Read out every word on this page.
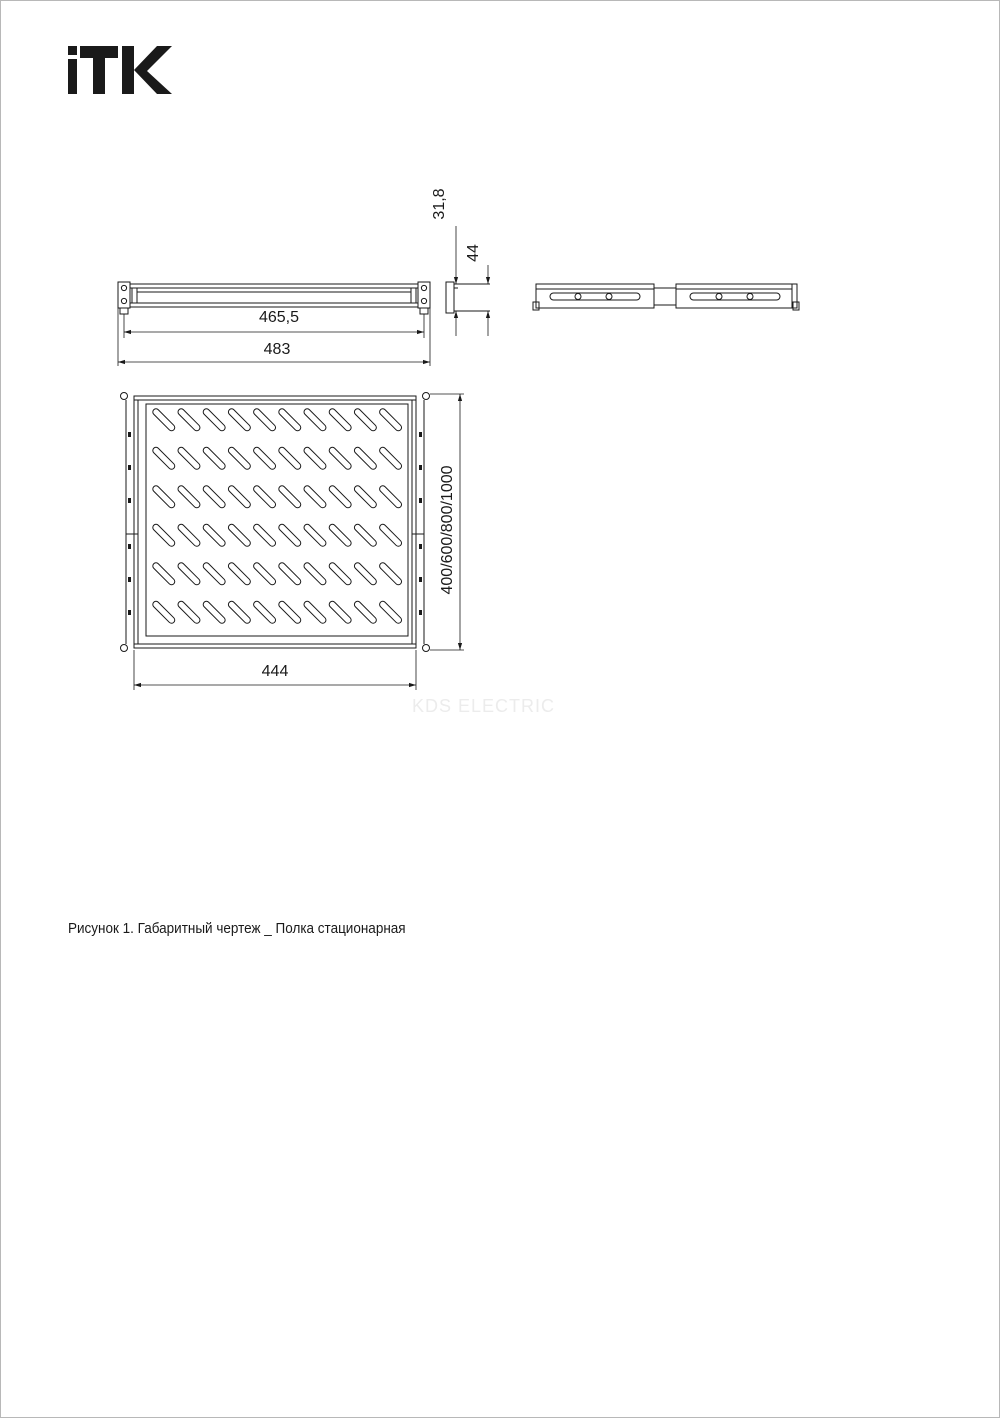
465,5
483
31,8
44
400/600/800/1000
444
KDS ELECTRIC
Рисунок 1. Габаритный чертеж _ Полка стационарная
